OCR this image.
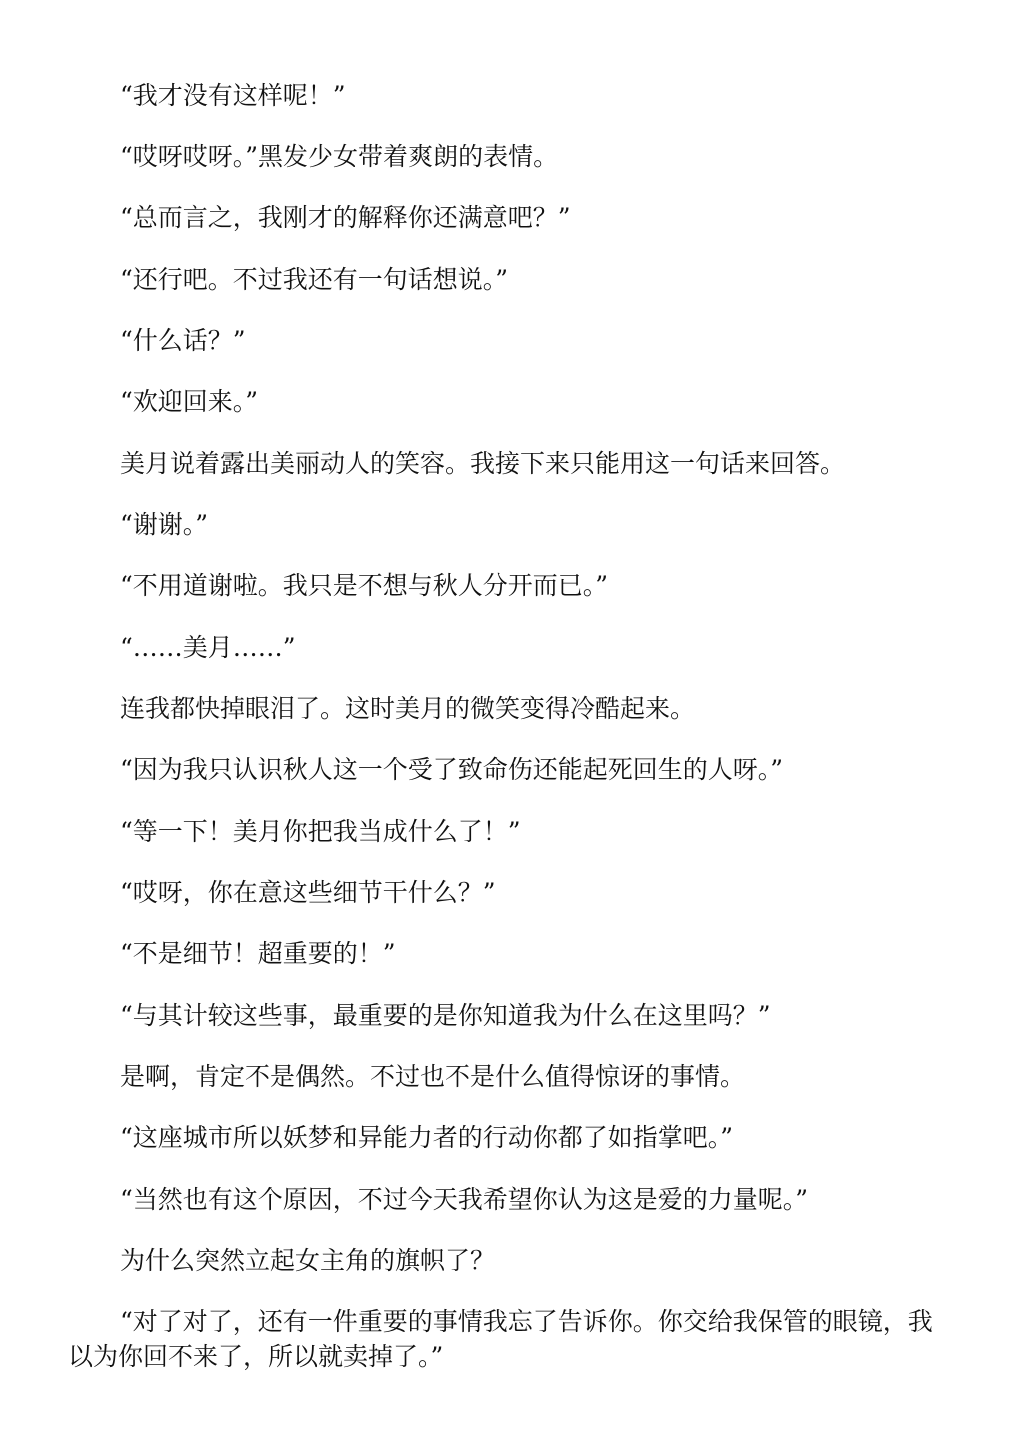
“我才没有这样呢！”

“哎呀哎呀。”黑发少女带着爽朗的表情。

“总而言之，我刚才的解释你还满意吧？”

“还行吧。不过我还有一句话想说。”

“什么话？”

“欢迎回来。”

美月说着露出美丽动人的笑容。我接下来只能用这一句话来回答。

“谢谢。”

“不用道谢啦。我只是不想与秋人分开而已。”

“……美月……”

连我都快掉眼泪了。这时美月的微笑变得冷酷起来。

“因为我只认识秋人这一个受了致命伤还能起死回生的人呀。”

“等一下！美月你把我当成什么了！”

“哎呀，你在意这些细节干什么？”

“不是细节！超重要的！”

“与其计较这些事，最重要的是你知道我为什么在这里吗？”

是啊，肯定不是偶然。不过也不是什么值得惊讶的事情。

“这座城市所以妖梦和异能力者的行动你都了如指掌吧。”

“当然也有这个原因，不过今天我希望你认为这是爱的力量呢。”

为什么突然立起女主角的旗帜了？

“对了对了，还有一件重要的事情我忘了告诉你。你交给我保管的眼镜，我以为你回不来了，所以就卖掉了。”
